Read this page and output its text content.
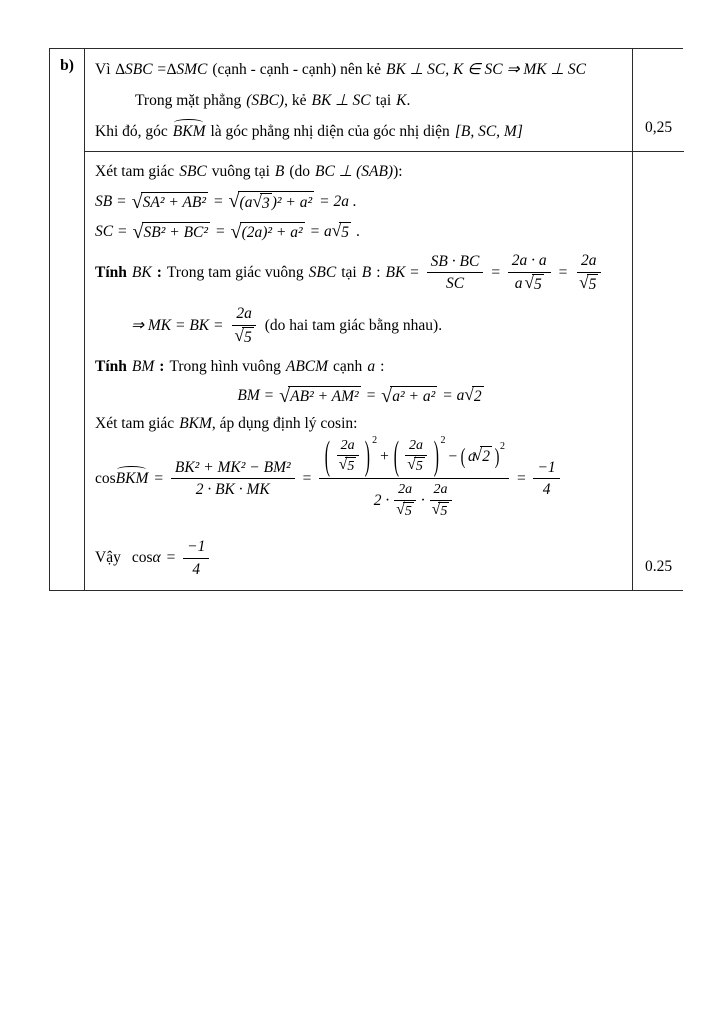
b)	Vì ∆SBC =∆SMC (cạnh - cạnh - cạnh) nên kẻ BK ⊥ SC, K ∈ SC ⇒ MK ⊥ SC
Trong mặt phẳng (SBC) , kẻ BK ⊥ SC tại K .
Khi đó, góc BKM là góc phẳng nhị diện của góc nhị diện [B, SC, M]	0,25
Xét tam giác SBC vuông tại B (do BC ⊥ (SAB) ):
SB = √ SA² + AB² = √ (a √ 3 )² + a² = 2a .
SC = √ SB² + BC² = √ (2a)² + a² = a √ 5 .
Tính BK : Trong tam giác vuông SBC tại B : BK = $\frac{SB \cdot BC}{SC} = \frac{2a \cdot a}{a √ 5} = 2a$
√ 5
⇒ MK = BK = 2a
√ 5 (do hai tam giác bằng nhau).
Tính BM : Trong hình vuông ABCM cạnh a :
BM = √ AB² + AM² = √ a² + a² = a √ 2
Xét tam giác BKM , áp dụng định lý cosin:
cos BKM = $\frac{\text{BK² + MK² − BM²}}{2 \cdot BK \cdot MK}$ =
(
2a
√ 5 ) 2
+ ( 2a
√ 5 ) 2
− ( a √ 2
)
2
2 · 2a
√ 5 · 2a
√ 5
= $\frac{-1}{4}$
Vậy $\cos \alpha = \frac{-1}{4}$	0.25
